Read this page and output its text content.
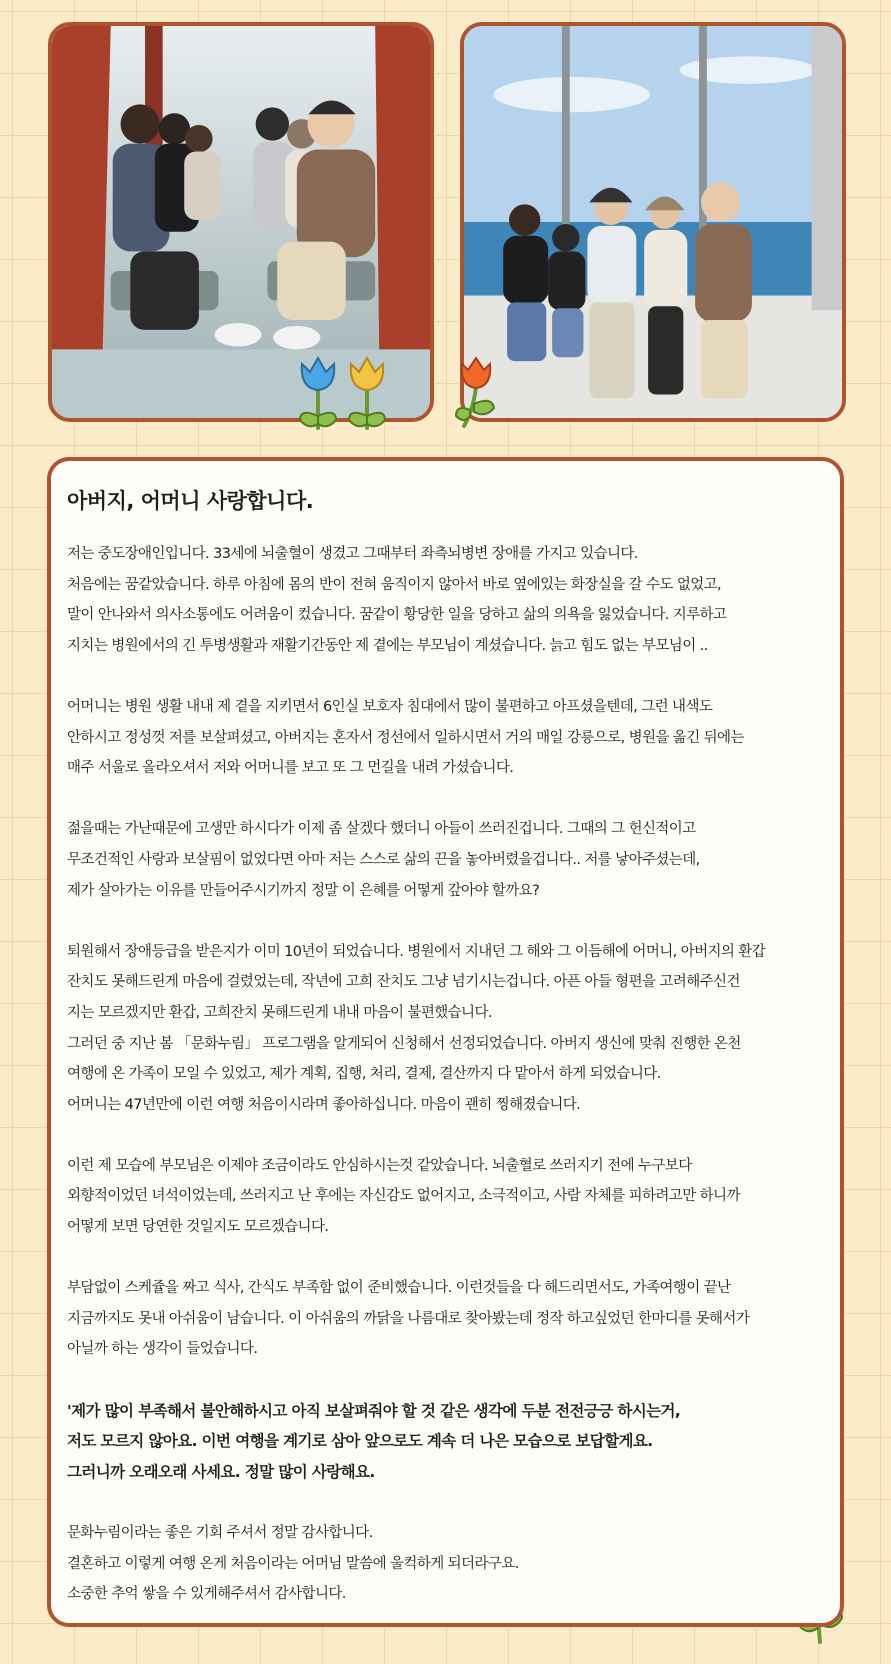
아버지, 어머니 사랑합니다.

저는 중도장애인입니다. 33세에 뇌출혈이 생겼고 그때부터 좌측뇌병변 장애를 가지고 있습니다.
처음에는 꿈같았습니다. 하루 아침에 몸의 반이 전혀 움직이지 않아서 바로 옆에있는 화장실을 갈 수도 없었고,
말이 안나와서 의사소통에도 어려움이 컸습니다. 꿈같이 황당한 일을 당하고 삶의 의욕을 잃었습니다. 지루하고
지치는 병원에서의 긴 투병생활과 재활기간동안 제 곁에는 부모님이 계셨습니다. 늙고 힘도 없는 부모님이 ..

어머니는 병원 생활 내내 제 곁을 지키면서 6인실 보호자 침대에서 많이 불편하고 아프셨을텐데, 그런 내색도
안하시고 정성껏 저를 보살펴셨고, 아버지는 혼자서 정선에서 일하시면서 거의 매일 강릉으로, 병원을 옮긴 뒤에는
매주 서울로 올라오셔서 저와 어머니를 보고 또 그 먼길을 내려 가셨습니다.

젊을때는 가난때문에 고생만 하시다가 이제 좀 살겠다 했더니 아들이 쓰러진겁니다. 그때의 그 헌신적이고
무조건적인 사랑과 보살핌이 없었다면 아마 저는 스스로 삶의 끈을 놓아버렸을겁니다.. 저를 낳아주셨는데,
제가 살아가는 이유를 만들어주시기까지 정말 이 은혜를 어떻게 갚아야 할까요?

퇴원해서 장애등급을 받은지가 이미 10년이 되었습니다. 병원에서 지내던 그 해와 그 이듬해에 어머니, 아버지의 환갑
잔치도 못해드린게 마음에 걸렸었는데, 작년에 고희 잔치도 그냥 넘기시는겁니다. 아픈 아들 형편을 고려해주신건
지는 모르겠지만 환갑, 고희잔치 못해드린게 내내 마음이 불편했습니다.
그러던 중 지난 봄 「문화누림」 프로그램을 알게되어 신청해서 선정되었습니다. 아버지 생신에 맞춰 진행한 온천
여행에 온 가족이 모일 수 있었고, 제가 계획, 집행, 처리, 결제, 결산까지 다 맡아서 하게 되었습니다.
어머니는 47년만에 이런 여행 처음이시라며 좋아하십니다. 마음이 괜히 찡해졌습니다.

이런 제 모습에 부모님은 이제야 조금이라도 안심하시는것 같았습니다. 뇌출혈로 쓰러지기 전에 누구보다
외향적이었던 녀석이었는데, 쓰러지고 난 후에는 자신감도 없어지고, 소극적이고, 사람 자체를 피하려고만 하니까
어떻게 보면 당연한 것일지도 모르겠습니다.

부담없이 스케쥴을 짜고 식사, 간식도 부족함 없이 준비했습니다. 이런것들을 다 해드리면서도, 가족여행이 끝난
지금까지도 못내 아쉬움이 남습니다. 이 아쉬움의 까닭을 나름대로 찾아봤는데 정작 하고싶었던 한마디를 못해서가
아닐까 하는 생각이 들었습니다.

'제가 많이 부족해서 불안해하시고 아직 보살펴줘야 할 것 같은 생각에 두분 전전긍긍 하시는거,
저도 모르지 않아요. 이번 여행을 계기로 삼아 앞으로도 계속 더 나은 모습으로 보답할게요.
그러니까 오래오래 사세요. 정말 많이 사랑해요.

문화누림이라는 좋은 기회 주셔서 정말 감사합니다.
결혼하고 이렇게 여행 온게 처음이라는 어머님 말씀에 울컥하게 되더라구요.
소중한 추억 쌓을 수 있게해주셔서 감사합니다.
